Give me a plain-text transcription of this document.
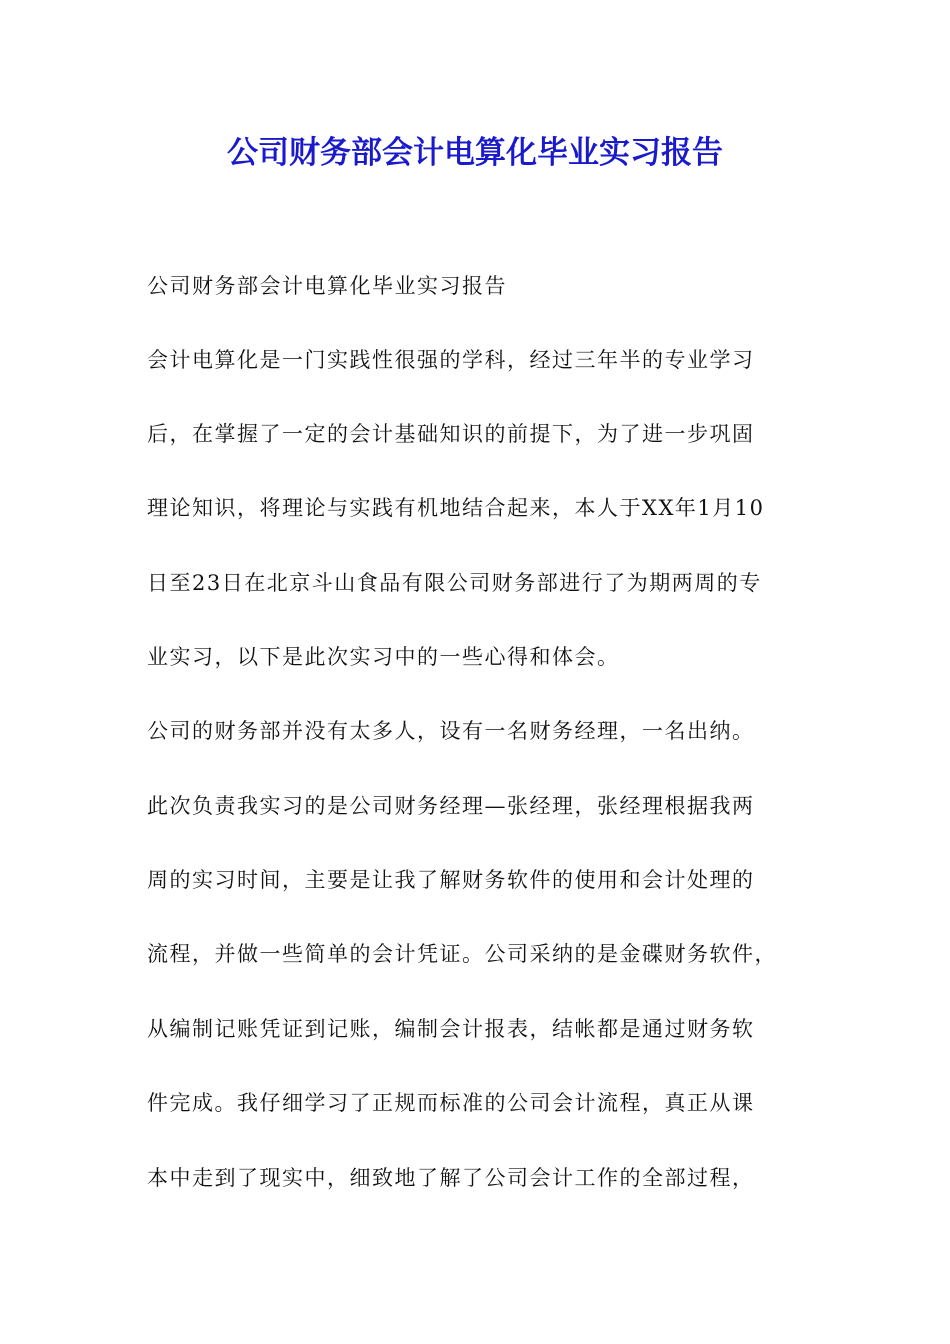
公司财务部会计电算化毕业实习报告
公司财务部会计电算化毕业实习报告
会计电算化是一门实践性很强的学科，经过三年半的专业学习
后，在掌握了一定的会计基础知识的前提下，为了进一步巩固
理论知识，将理论与实践有机地结合起来，本人于XX年1月10
日至23日在北京斗山食品有限公司财务部进行了为期两周的专
业实习，以下是此次实习中的一些心得和体会。
公司的财务部并没有太多人，设有一名财务经理，一名出纳。
此次负责我实习的是公司财务经理—张经理，张经理根据我两
周的实习时间，主要是让我了解财务软件的使用和会计处理的
流程，并做一些简单的会计凭证。公司采纳的是金碟财务软件，
从编制记账凭证到记账，编制会计报表，结帐都是通过财务软
件完成。我仔细学习了正规而标准的公司会计流程，真正从课
本中走到了现实中，细致地了解了公司会计工作的全部过程，
